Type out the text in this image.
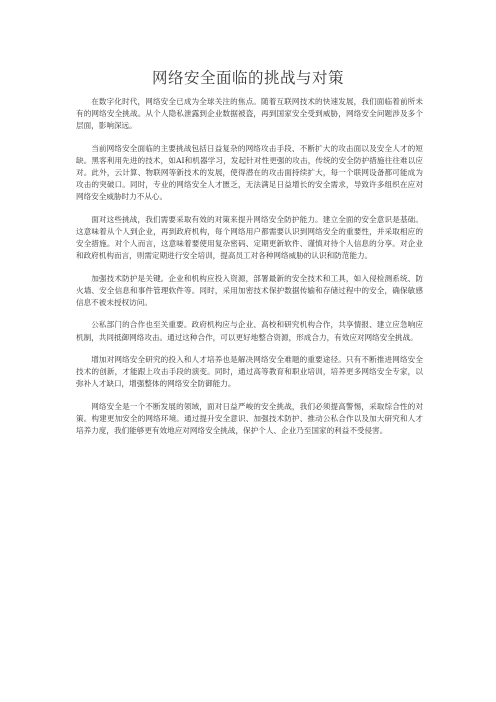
网络安全面临的挑战与对策

在数字化时代，网络安全已成为全球关注的焦点。随着互联网技术的快速发展，我们面临着前所未有的网络安全挑战。从个人隐私泄露到企业数据被盗，再到国家安全受到威胁，网络安全问题涉及多个层面，影响深远。

当前网络安全面临的主要挑战包括日益复杂的网络攻击手段、不断扩大的攻击面以及安全人才的短缺。黑客利用先进的技术，如AI和机器学习，发起针对性更强的攻击，传统的安全防护措施往往难以应对。此外，云计算、物联网等新技术的发展，使得潜在的攻击面持续扩大，每一个联网设备都可能成为攻击的突破口。同时，专业的网络安全人才匮乏，无法满足日益增长的安全需求，导致许多组织在应对网络安全威胁时力不从心。

面对这些挑战，我们需要采取有效的对策来提升网络安全防护能力。建立全面的安全意识是基础。这意味着从个人到企业，再到政府机构，每个网络用户都需要认识到网络安全的重要性，并采取相应的安全措施。对个人而言，这意味着要使用复杂密码、定期更新软件、谨慎对待个人信息的分享。对企业和政府机构而言，则需定期进行安全培训，提高员工对各种网络威胁的认识和防范能力。

加强技术防护是关键。企业和机构应投入资源，部署最新的安全技术和工具，如入侵检测系统、防火墙、安全信息和事件管理软件等。同时，采用加密技术保护数据传输和存储过程中的安全，确保敏感信息不被未授权访问。

公私部门的合作也至关重要。政府机构应与企业、高校和研究机构合作，共享情报、建立应急响应机制，共同抵御网络攻击。通过这种合作，可以更好地整合资源，形成合力，有效应对网络安全挑战。

增加对网络安全研究的投入和人才培养也是解决网络安全难题的重要途径。只有不断推进网络安全技术的创新，才能跟上攻击手段的演变。同时，通过高等教育和职业培训，培养更多网络安全专家，以弥补人才缺口，增强整体的网络安全防御能力。

网络安全是一个不断发展的领域，面对日益严峻的安全挑战，我们必须提高警惕，采取综合性的对策。构建更加安全的网络环境。通过提升安全意识、加强技术防护、推动公私合作以及加大研究和人才培养力度，我们能够更有效地应对网络安全挑战，保护个人、企业乃至国家的利益不受侵害。
